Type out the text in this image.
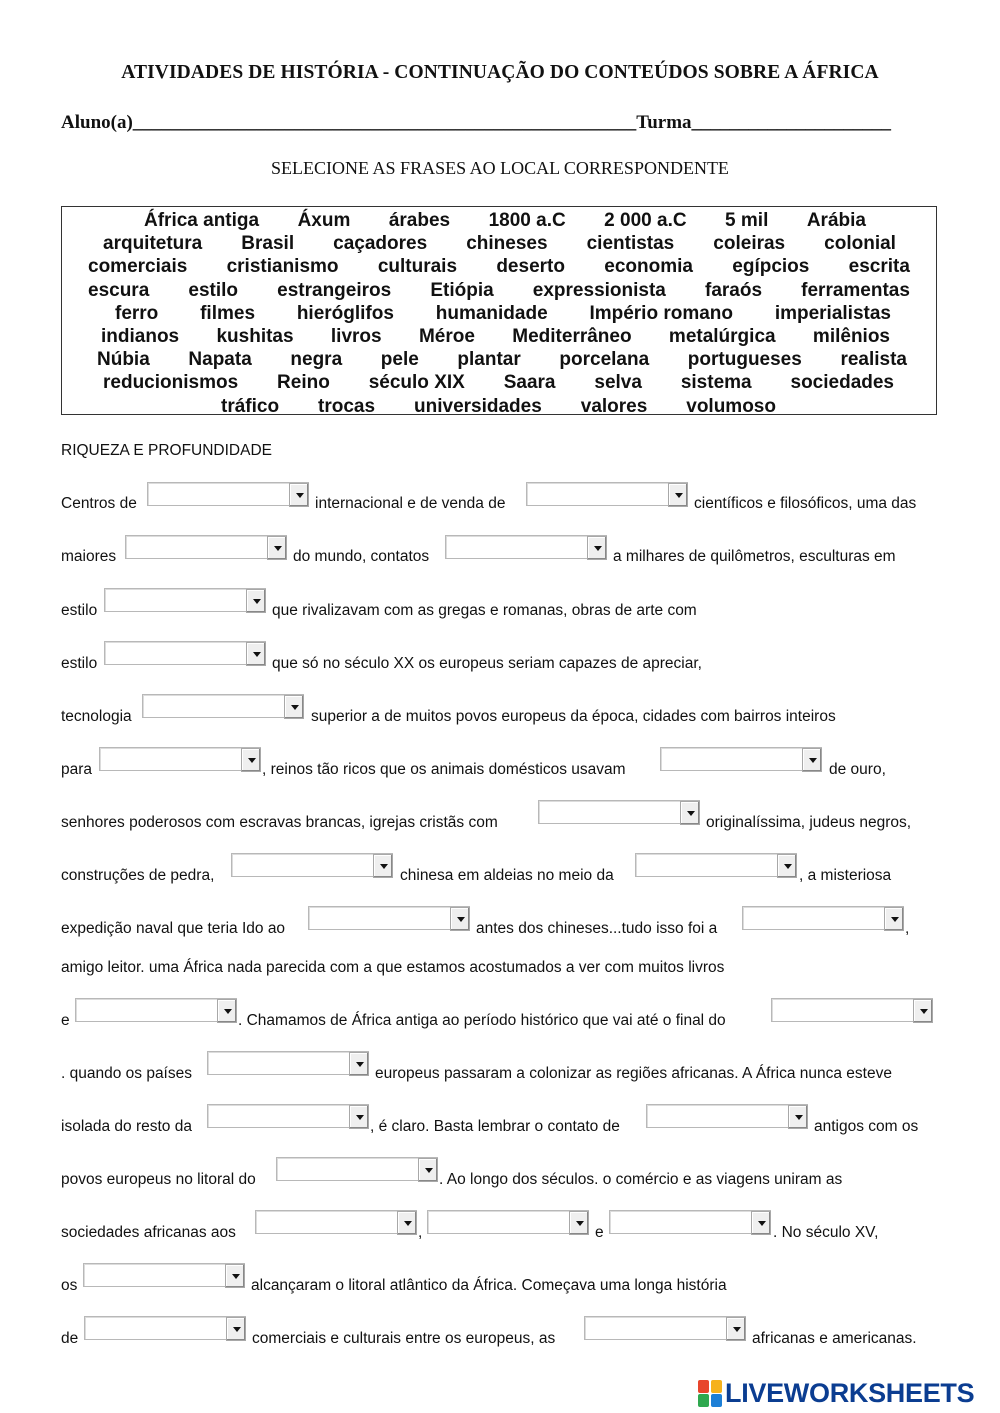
ATIVIDADES DE HISTÓRIA - CONTINUAÇÃO DO CONTEÚDOS SOBRE A ÁFRICA
Aluno(a)_____________________________________________________Turma_____________________
SELECIONE AS FRASES AO LOCAL CORRESPONDENTE
África antiga Áxum árabes 1800 a.C 2 000 a.C 5 mil Arábia
arquitetura Brasil caçadores chineses cientistas coleiras colonial
comerciais cristianismo culturais deserto economia egípcios escrita
escura estilo estrangeiros Etiópia expressionista faraós ferramentas
ferro filmes hieróglifos humanidade Império romano imperialistas
indianos kushitas livros Méroe Mediterrâneo metalúrgica milênios
Núbia Napata negra pele plantar porcelana portugueses realista
reducionismos Reino século XIX Saara selva sistema sociedades
tráfico trocas universidades valores volumoso
RIQUEZA E PROFUNDIDADE
Centros de	internacional e de venda de	científicos e filosóficos, uma das
maiores	do mundo, contatos	a milhares de quilômetros, esculturas em
estilo	que rivalizavam com as gregas e romanas, obras de arte com
estilo	que só no século XX os europeus seriam capazes de apreciar,
tecnologia	superior a de muitos povos europeus da época, cidades com bairros inteiros
para	, reinos tão ricos que os animais domésticos usavam	de ouro,
senhores poderosos com escravas brancas, igrejas cristãs com	originalíssima, judeus negros,
construções de pedra,	chinesa em aldeias no meio da	, a misteriosa
expedição naval que teria Ido ao	antes dos chineses...tudo isso foi a	,
amigo leitor. uma África nada parecida com a que estamos acostumados a ver com muitos livros
e	. Chamamos de África antiga ao período histórico que vai até o final do
. quando os países	europeus passaram a colonizar as regiões africanas. A África nunca esteve
isolada do resto da	, é claro. Basta lembrar o contato de	antigos com os
povos europeus no litoral do	. Ao longo dos séculos. o comércio e as viagens uniram as
sociedades africanas aos	,	e	. No século XV,
os	alcançaram o litoral atlântico da África. Começava uma longa história
de	comerciais e culturais entre os europeus, as	africanas e americanas.
LIVEWORKSHEETS
